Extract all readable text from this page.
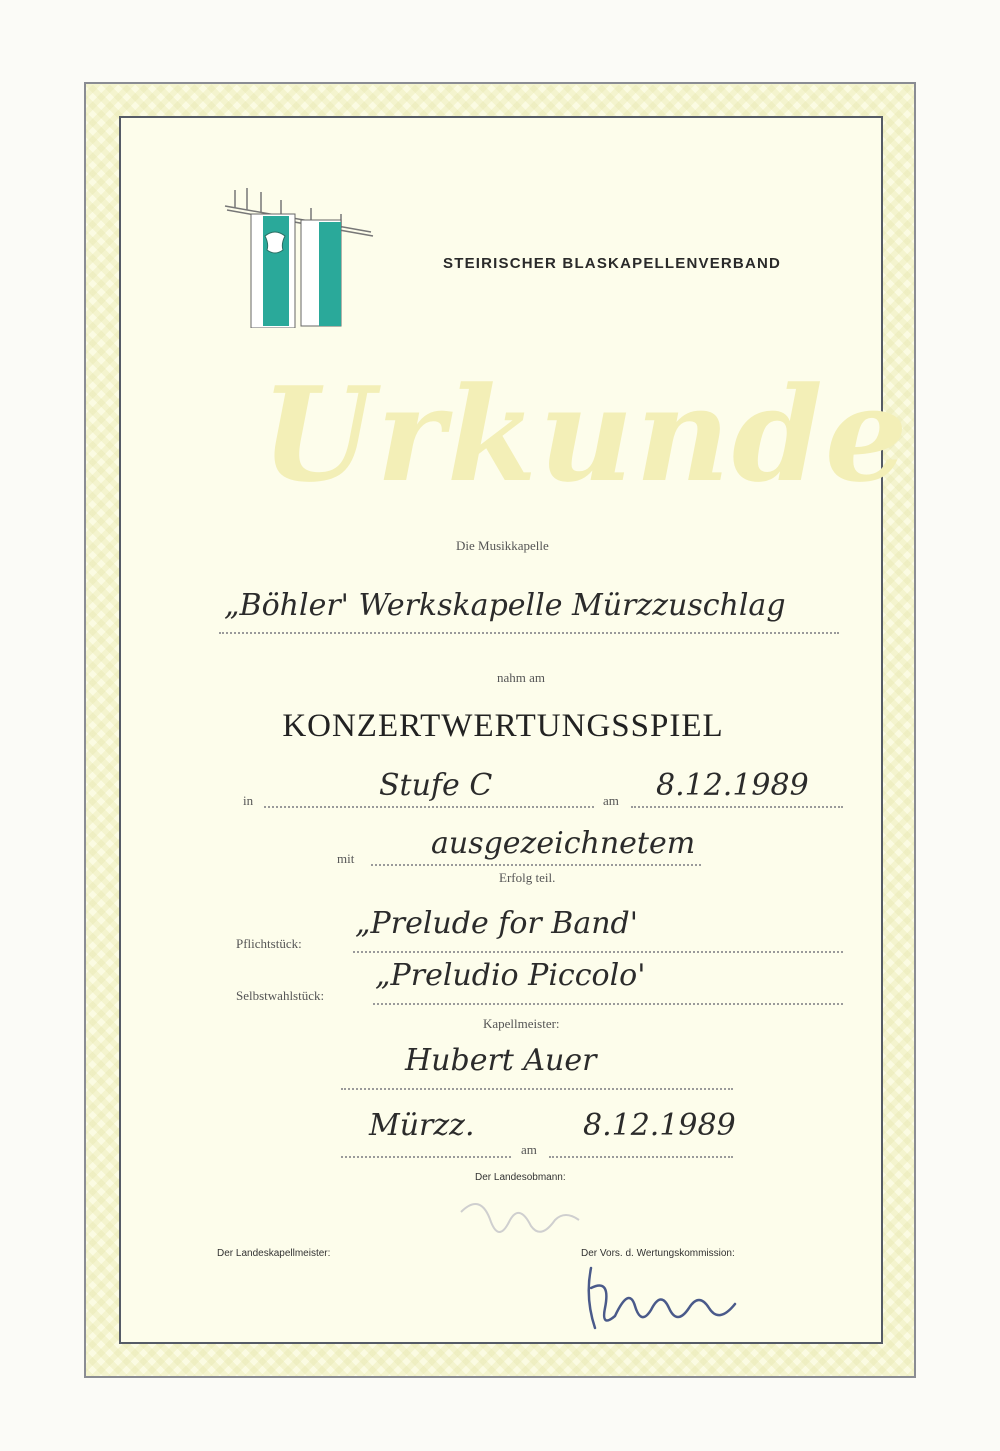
STEIRISCHER BLASKAPELLENVERBAND
Urkunde
Die Musikkapelle
„Böhler' Werkskapelle Mürzzuschlag
nahm am
KONZERTWERTUNGSSPIEL
in	Stufe C	am 8.12.1989
mit	ausgezeichnetem
Erfolg teil.
Pflichtstück:
„Prelude for Band'
Selbstwahlstück:
„Preludio Piccolo'
Kapellmeister:
Hubert Auer
Mürzz.
am
8.12.1989
Der Landesobmann:
Der Landeskapellmeister:	Der Vors. d. Wertungskommission:
